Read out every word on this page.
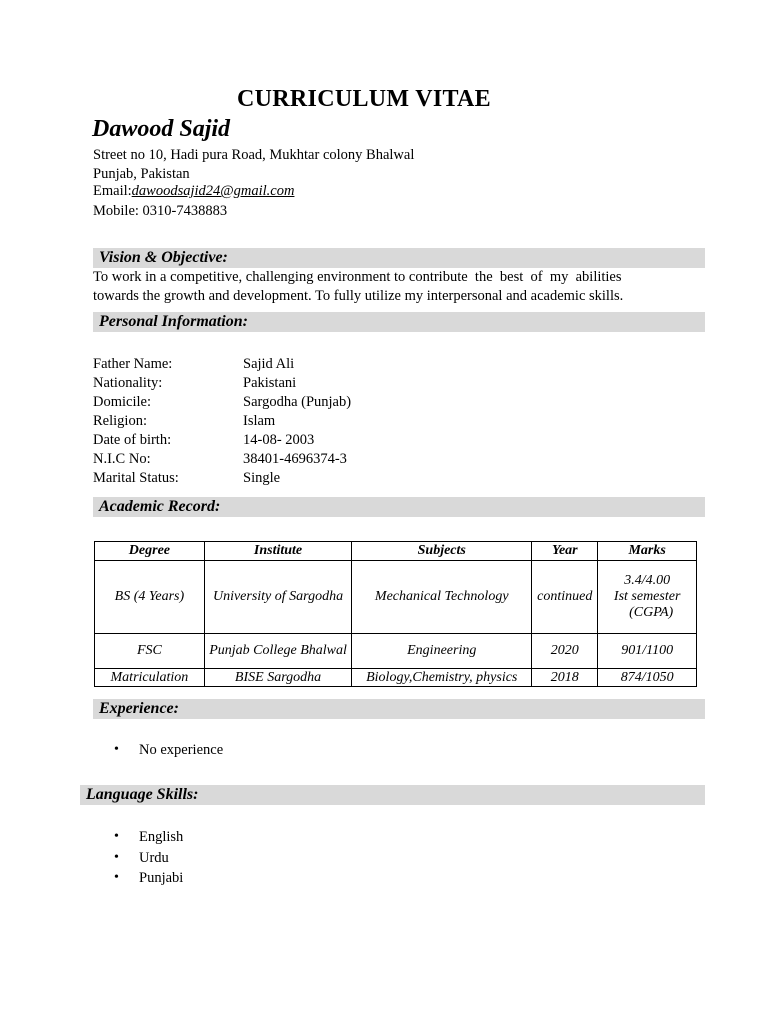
CURRICULUM VITAE
Dawood Sajid
Street no 10, Hadi pura Road, Mukhtar colony Bhalwal
Punjab, Pakistan
Email:dawoodsajid24@gmail.com
Mobile: 0310-7438883
Vision & Objective:
To work in a competitive, challenging environment to contribute  the  best  of  my  abilities
towards the growth and development. To fully utilize my interpersonal and academic skills.
Personal Information:
Father Name:	Sajid Ali
Nationality:	Pakistani
Domicile:	Sargodha (Punjab)
Religion:	Islam
Date of birth:	14-08- 2003
N.I.C No:	38401-4696374-3
Marital Status:	Single
Academic Record:
Degree	Institute	Subjects	Year	Marks
BS (4 Years)	University of Sargodha	Mechanical Technology	continued	3.4/4.00
Ist semester
(CGPA)

FSC	Punjab College Bhalwal	Engineering	2020	901/1100
Matriculation	BISE Sargodha	Biology,Chemistry, physics	2018	874/1050
Experience:
• No experience
Language Skills:
• English
• Urdu
• Punjabi
